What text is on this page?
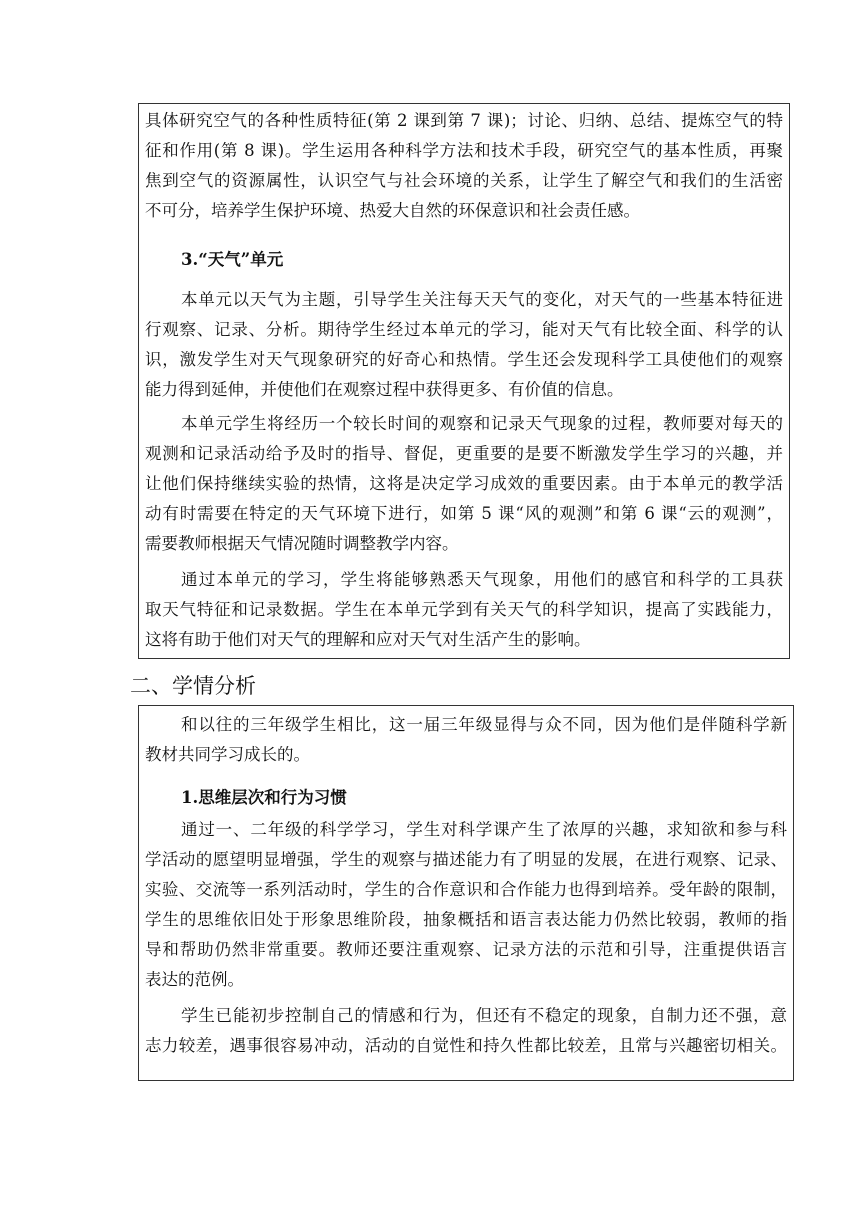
具体研究空气的各种性质特征(第 2 课到第 7 课)；讨论、归纳、总结、提炼空气的特
征和作用(第 8 课)。学生运用各种科学方法和技术手段，研究空气的基本性质，再聚
焦到空气的资源属性，认识空气与社会环境的关系，让学生了解空气和我们的生活密
不可分，培养学生保护环境、热爱大自然的环保意识和社会责任感。
3.“天气”单元
本单元以天气为主题，引导学生关注每天天气的变化，对天气的一些基本特征进
行观察、记录、分析。期待学生经过本单元的学习，能对天气有比较全面、科学的认
识，激发学生对天气现象研究的好奇心和热情。学生还会发现科学工具使他们的观察
能力得到延伸，并使他们在观察过程中获得更多、有价值的信息。
本单元学生将经历一个较长时间的观察和记录天气现象的过程，教师要对每天的
观测和记录活动给予及时的指导、督促，更重要的是要不断激发学生学习的兴趣，并
让他们保持继续实验的热情，这将是决定学习成效的重要因素。由于本单元的教学活
动有时需要在特定的天气环境下进行，如第 5 课“风的观测”和第 6 课“云的观测”，
需要教师根据天气情况随时调整教学内容。
通过本单元的学习，学生将能够熟悉天气现象，用他们的感官和科学的工具获
取天气特征和记录数据。学生在本单元学到有关天气的科学知识，提高了实践能力，
这将有助于他们对天气的理解和应对天气对生活产生的影响。
二、学情分析
和以往的三年级学生相比，这一届三年级显得与众不同，因为他们是伴随科学新
教材共同学习成长的。
1.思维层次和行为习惯
通过一、二年级的科学学习，学生对科学课产生了浓厚的兴趣，求知欲和参与科
学活动的愿望明显增强，学生的观察与描述能力有了明显的发展，在进行观察、记录、
实验、交流等一系列活动时，学生的合作意识和合作能力也得到培养。受年龄的限制，
学生的思维依旧处于形象思维阶段，抽象概括和语言表达能力仍然比较弱，教师的指
导和帮助仍然非常重要。教师还要注重观察、记录方法的示范和引导，注重提供语言
表达的范例。
学生已能初步控制自己的情感和行为，但还有不稳定的现象，自制力还不强，意
志力较差，遇事很容易冲动，活动的自觉性和持久性都比较差，且常与兴趣密切相关。
